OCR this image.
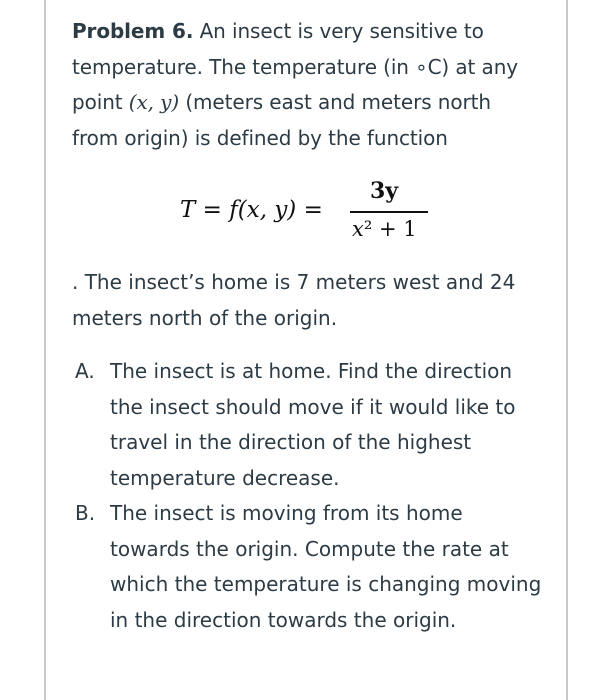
Problem 6. An insect is very sensitive to temperature. The temperature (in ∘C) at any point (x, y) (meters east and meters north from origin) is defined by the function
T = f(x, y) =
3y
x² + 1
. The insect’s home is 7 meters west and 24 meters north of the origin.
A. The insect is at home. Find the direction the insect should move if it would like to travel in the direction of the highest temperature decrease.
B. The insect is moving from its home towards the origin. Compute the rate at which the temperature is changing moving in the direction towards the origin.
